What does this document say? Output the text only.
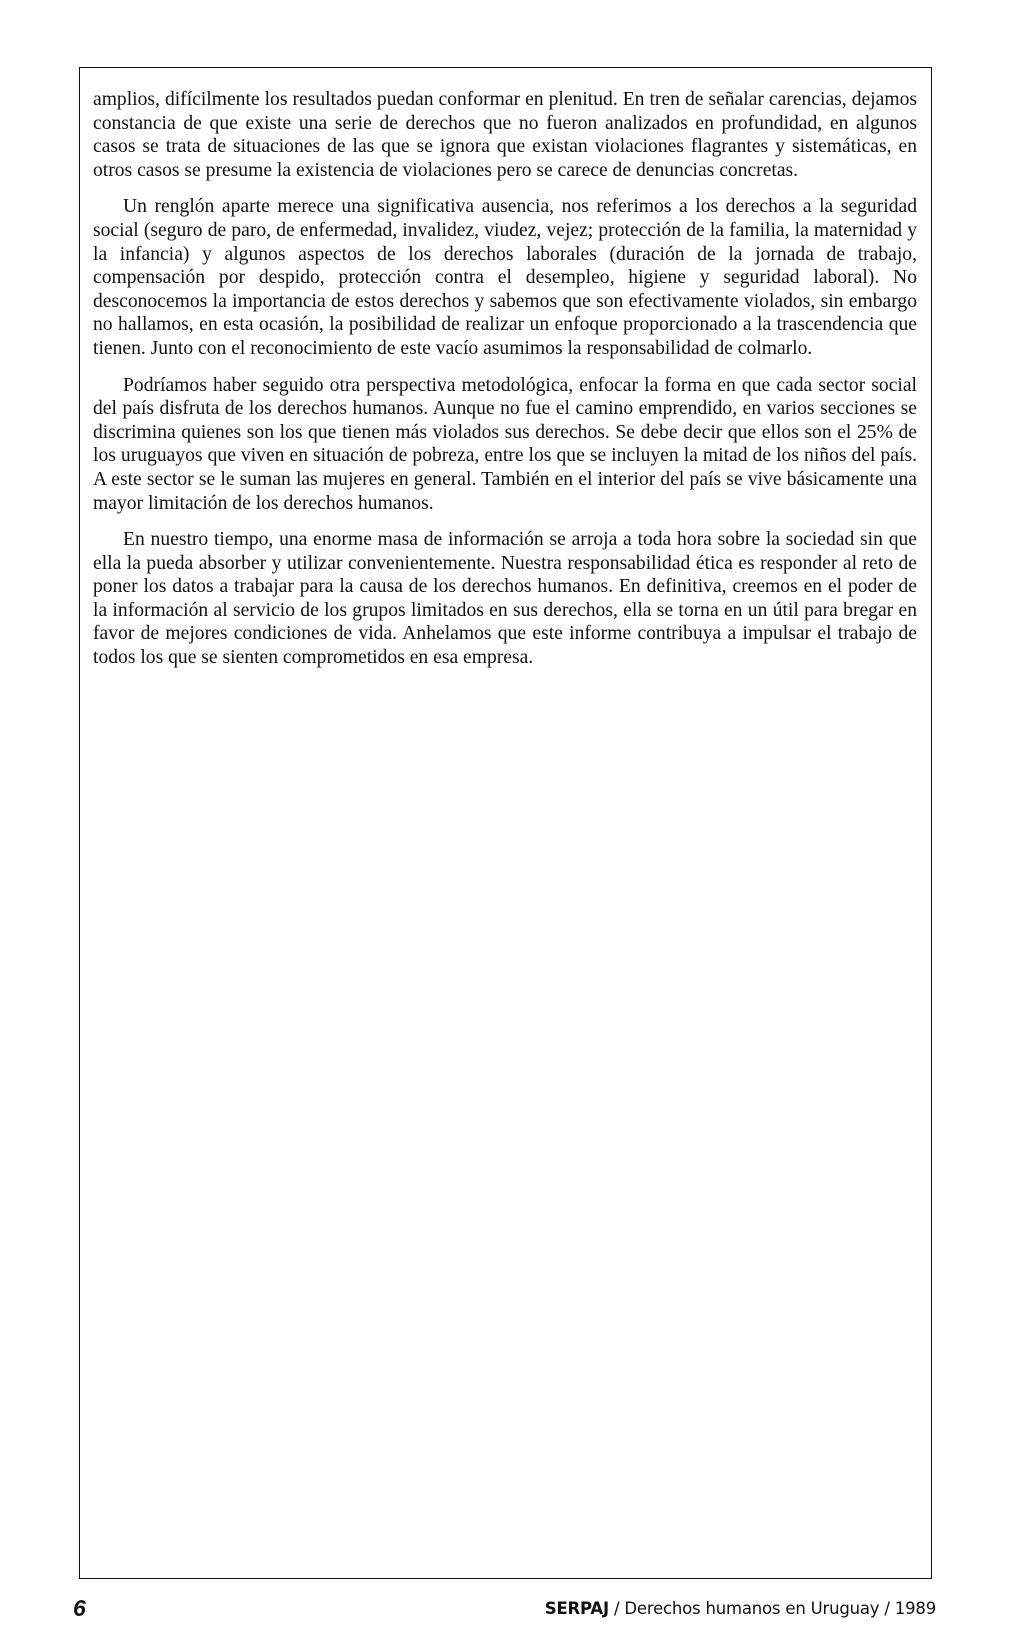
amplios, difícilmente los resultados puedan conformar en plenitud. En tren de señalar carencias, dejamos constancia de que existe una serie de derechos que no fueron analizados en profundidad, en algunos casos se trata de situaciones de las que se ignora que existan violaciones flagrantes y sistemáticas, en otros casos se presume la existencia de violaciones pero se carece de denuncias concretas.

Un renglón aparte merece una significativa ausencia, nos referimos a los derechos a la seguridad social (seguro de paro, de enfermedad, invalidez, viudez, vejez; protección de la familia, la maternidad y la infancia) y algunos aspectos de los derechos laborales (duración de la jornada de trabajo, compensación por despido, protección contra el desempleo, higiene y seguridad laboral). No desconocemos la importancia de estos derechos y sabemos que son efectivamente violados, sin embargo no hallamos, en esta ocasión, la posibilidad de realizar un enfoque proporcionado a la trascendencia que tienen. Junto con el reconocimiento de este vacío asumimos la responsabilidad de colmarlo.

Podríamos haber seguido otra perspectiva metodológica, enfocar la forma en que cada sector social del país disfruta de los derechos humanos. Aunque no fue el camino emprendido, en varios secciones se discrimina quienes son los que tienen más violados sus derechos. Se debe decir que ellos son el 25% de los uruguayos que viven en situación de pobreza, entre los que se incluyen la mitad de los niños del país. A este sector se le suman las mujeres en general. También en el interior del país se vive básicamente una mayor limitación de los derechos humanos.

En nuestro tiempo, una enorme masa de información se arroja a toda hora sobre la sociedad sin que ella la pueda absorber y utilizar convenientemente. Nuestra responsabilidad ética es responder al reto de poner los datos a trabajar para la causa de los derechos humanos. En definitiva, creemos en el poder de la información al servicio de los grupos limitados en sus derechos, ella se torna en un útil para bregar en favor de mejores condiciones de vida. Anhelamos que este informe contribuya a impulsar el trabajo de todos los que se sienten comprometidos en esa empresa.

6	SERPAJ / Derechos humanos en Uruguay / 1989
